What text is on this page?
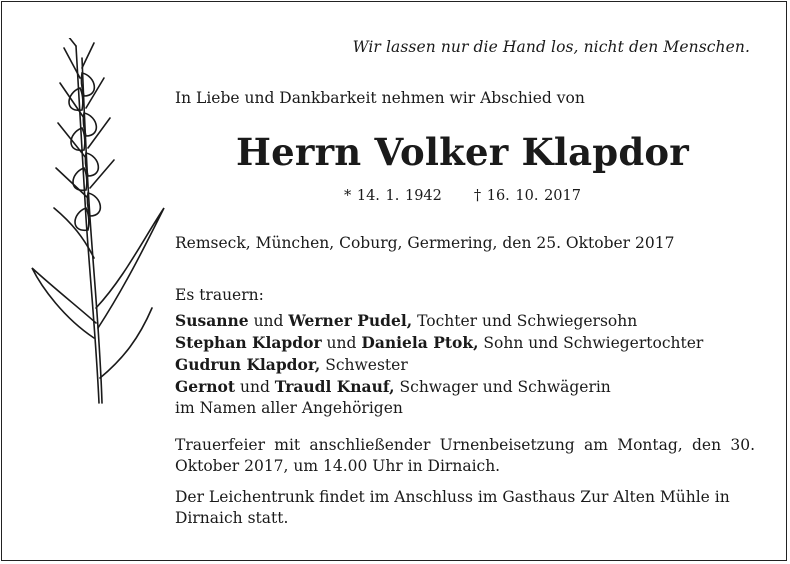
Wir lassen nur die Hand los, nicht den Menschen.
In Liebe und Dankbarkeit nehmen wir Abschied von
Herrn Volker Klapdor
* 14. 1. 1942 † 16. 10. 2017
Remseck, München, Coburg, Germering, den 25. Oktober 2017
Es trauern:
Susanne und Werner Pudel, Tochter und Schwiegersohn
Stephan Klapdor und Daniela Ptok, Sohn und Schwiegertochter
Gudrun Klapdor, Schwester
Gernot und Traudl Knauf, Schwager und Schwägerin
im Namen aller Angehörigen
Trauerfeier mit anschließender Urnenbeisetzung am Montag, den 30. Oktober 2017, um 14.00 Uhr in Dirnaich.
Der Leichentrunk findet im Anschluss im Gasthaus Zur Alten Mühle in Dirnaich statt.
